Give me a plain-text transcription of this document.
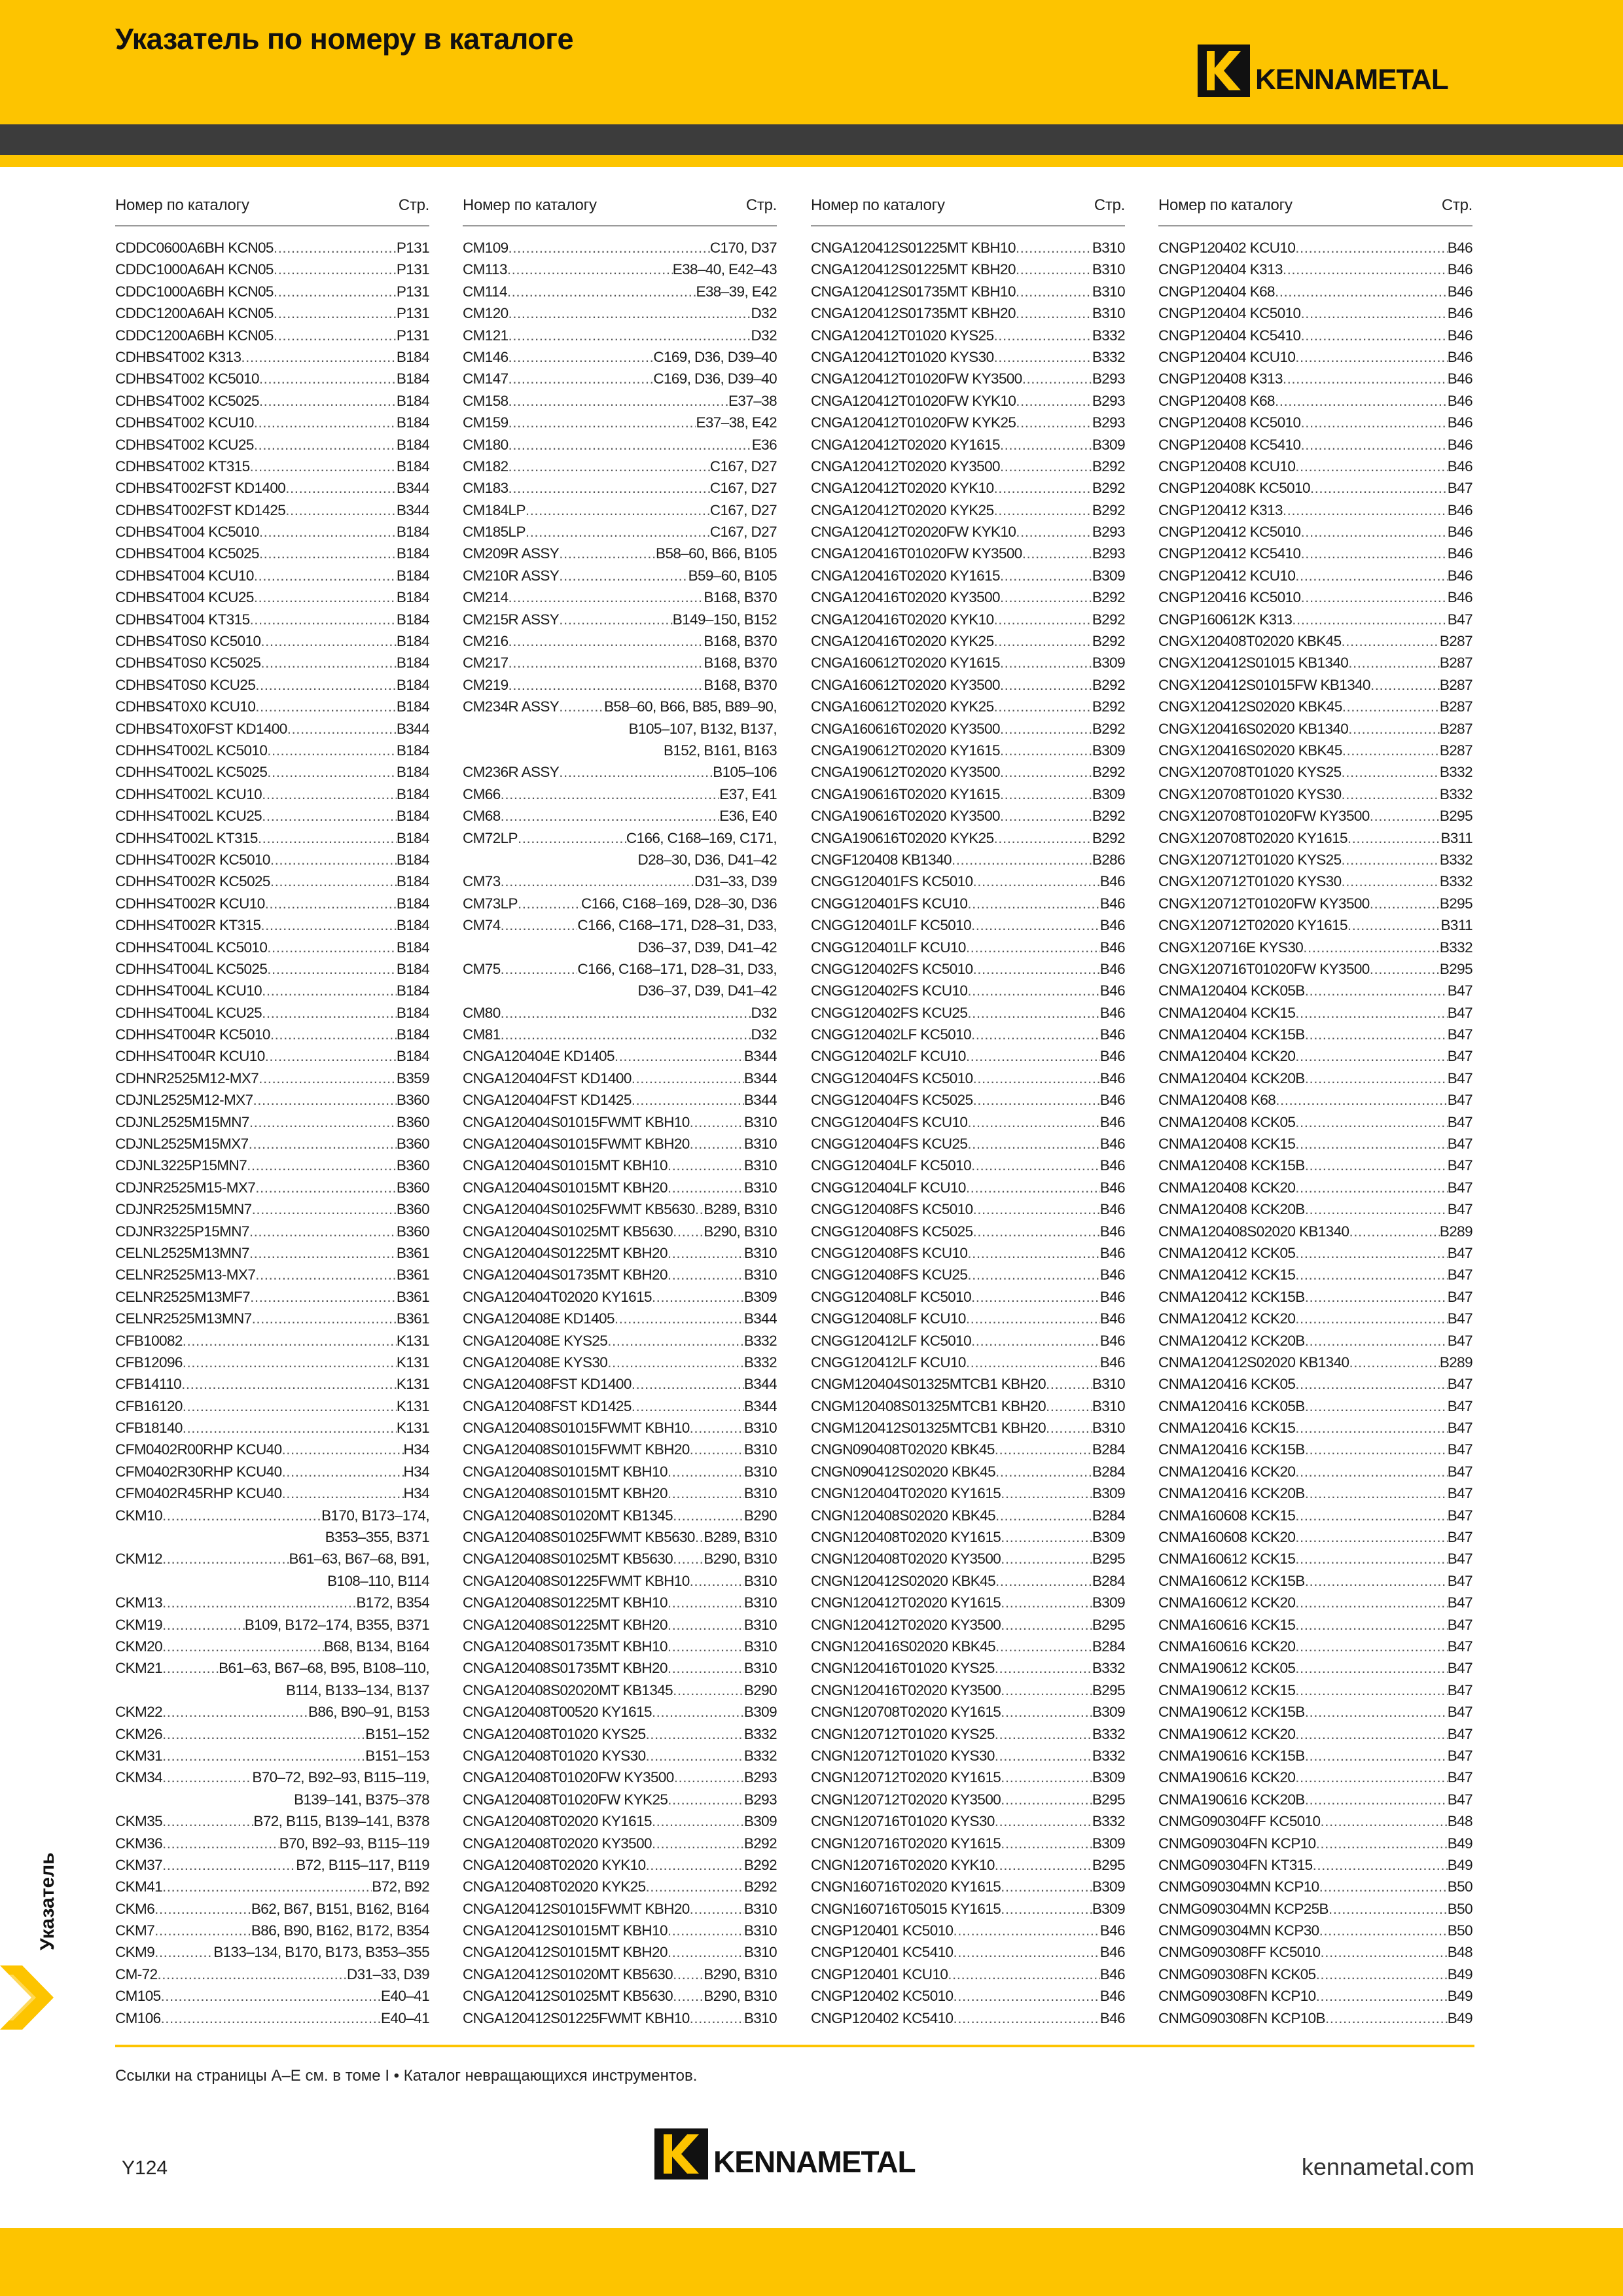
Указатель по номеру в каталоге
KENNAMETAL
Номер по каталогу	Стр.
CDDC0600A6BH KCN05 .....	P131
CDDC1000A6AH KCN05 .....	P131
CDDC1000A6BH KCN05 .....	P131
CDDC1200A6AH KCN05 .....	P131
CDDC1200A6BH KCN05 .....	P131
CDHBS4T002 K313 .....	B184
CDHBS4T002 KC5010 .....	B184
CDHBS4T002 KC5025 .....	B184
CDHBS4T002 KCU10 .....	B184
CDHBS4T002 KCU25 .....	B184
CDHBS4T002 KT315 .....	B184
CDHBS4T002FST KD1400 .....	B344
CDHBS4T002FST KD1425 .....	B344
CDHBS4T004 KC5010 .....	B184
CDHBS4T004 KC5025 .....	B184
CDHBS4T004 KCU10 .....	B184
CDHBS4T004 KCU25 .....	B184
CDHBS4T004 KT315 .....	B184
CDHBS4T0S0 KC5010 .....	B184
CDHBS4T0S0 KC5025 .....	B184
CDHBS4T0S0 KCU25 .....	B184
CDHBS4T0X0 KCU10 .....	B184
CDHBS4T0X0FST KD1400 .....	B344
CDHHS4T002L KC5010 .....	B184
CDHHS4T002L KC5025 .....	B184
CDHHS4T002L KCU10 .....	B184
CDHHS4T002L KCU25 .....	B184
CDHHS4T002L KT315 .....	B184
CDHHS4T002R KC5010 .....	B184
CDHHS4T002R KC5025 .....	B184
CDHHS4T002R KCU10 .....	B184
CDHHS4T002R KT315 .....	B184
CDHHS4T004L KC5010 .....	B184
CDHHS4T004L KC5025 .....	B184
CDHHS4T004L KCU10 .....	B184
CDHHS4T004L KCU25 .....	B184
CDHHS4T004R KC5010 .....	B184
CDHHS4T004R KCU10 .....	B184
CDHNR2525M12-MX7 .....	B359
CDJNL2525M12-MX7 .....	B360
CDJNL2525M15MN7 .....	B360
CDJNL2525M15MX7 .....	B360
CDJNL3225P15MN7 .....	B360
CDJNR2525M15-MX7 .....	B360
CDJNR2525M15MN7 .....	B360
CDJNR3225P15MN7 .....	B360
CELNL2525M13MN7 .....	B361
CELNR2525M13-MX7 .....	B361
CELNR2525M13MF7 .....	B361
CELNR2525M13MN7 .....	B361
CFB10082 .....	K131
CFB12096 .....	K131
CFB14110 .....	K131
CFB16120 .....	K131
CFB18140 .....	K131
CFM0402R00RHP KCU40 .....	H34
CFM0402R30RHP KCU40 .....	H34
CFM0402R45RHP KCU40 .....	H34
CKM10 .....	B170, B173–174,
B353–355, B371
CKM12 .....	B61–63, B67–68, B91,
B108–110, B114
CKM13 .....	B172, B354
CKM19 .....	B109, B172–174, B355, B371
CKM20 .....	B68, B134, B164
CKM21 .....	B61–63, B67–68, B95, B108–110,
B114, B133–134, B137
CKM22 .....	B86, B90–91, B153
CKM26 .....	B151–152
CKM31 .....	B151–153
CKM34 .....	B70–72, B92–93, B115–119,
B139–141, B375–378
CKM35 .....	B72, B115, B139–141, B378
CKM36 .....	B70, B92–93, B115–119
CKM37 .....	B72, B115–117, B119
CKM41 .....	B72, B92
CKM6 .....	B62, B67, B151, B162, B164
CKM7 .....	B86, B90, B162, B172, B354
CKM9 .....	B133–134, B170, B173, B353–355
CM-72 .....	D31–33, D39
CM105 .....	E40–41
CM106 .....	E40–41
Номер по каталогу	Стр.
CM109 .....	C170, D37
CM113 .....	E38–40, E42–43
CM114 .....	E38–39, E42
CM120 .....	D32
CM121 .....	D32
CM146 .....	C169, D36, D39–40
CM147 .....	C169, D36, D39–40
CM158 .....	E37–38
CM159 .....	E37–38, E42
CM180 .....	E36
CM182 .....	C167, D27
CM183 .....	C167, D27
CM184LP .....	C167, D27
CM185LP .....	C167, D27
CM209R ASSY .....	B58–60, B66, B105
CM210R ASSY .....	B59–60, B105
CM214 .....	B168, B370
CM215R ASSY .....	B149–150, B152
CM216 .....	B168, B370
CM217 .....	B168, B370
CM219 .....	B168, B370
CM234R ASSY .....	B58–60, B66, B85, B89–90,
B105–107, B132, B137,
B152, B161, B163
CM236R ASSY .....	B105–106
CM66 .....	E37, E41
CM68 .....	E36, E40
CM72LP .....	C166, C168–169, C171,
D28–30, D36, D41–42
CM73 .....	D31–33, D39
CM73LP .....	C166, C168–169, D28–30, D36
CM74 .....	C166, C168–171, D28–31, D33,
D36–37, D39, D41–42
CM75 .....	C166, C168–171, D28–31, D33,
D36–37, D39, D41–42
CM80 .....	D32
CM81 .....	D32
CNGA120404E KD1405 .....	B344
CNGA120404FST KD1400 .....	B344
CNGA120404FST KD1425 .....	B344
CNGA120404S01015FWMT KBH10 .....	B310
CNGA120404S01015FWMT KBH20 .....	B310
CNGA120404S01015MT KBH10 .....	B310
CNGA120404S01015MT KBH20 .....	B310
CNGA120404S01025FWMT KB5630 ..... B289, B310
CNGA120404S01025MT KB5630 ..... B290, B310
CNGA120404S01225MT KBH20 .....	B310
CNGA120404S01735MT KBH20 .....	B310
CNGA120404T02020 KY1615 .....	B309
CNGA120408E KD1405 .....	B344
CNGA120408E KYS25 .....	B332
CNGA120408E KYS30 .....	B332
CNGA120408FST KD1400 .....	B344
CNGA120408FST KD1425 .....	B344
CNGA120408S01015FWMT KBH10 .....	B310
CNGA120408S01015FWMT KBH20 .....	B310
CNGA120408S01015MT KBH10 .....	B310
CNGA120408S01015MT KBH20 .....	B310
CNGA120408S01020MT KB1345 .....	B290
CNGA120408S01025FWMT KB5630 ..... B289, B310
CNGA120408S01025MT KB5630 ..... B290, B310
CNGA120408S01225FWMT KBH10 .....	B310
CNGA120408S01225MT KBH10 .....	B310
CNGA120408S01225MT KBH20 .....	B310
CNGA120408S01735MT KBH10 .....	B310
CNGA120408S01735MT KBH20 .....	B310
CNGA120408S02020MT KB1345 .....	B290
CNGA120408T00520 KY1615 .....	B309
CNGA120408T01020 KYS25 .....	B332
CNGA120408T01020 KYS30 .....	B332
CNGA120408T01020FW KY3500 .....	B293
CNGA120408T01020FW KYK25 .....	B293
CNGA120408T02020 KY1615 .....	B309
CNGA120408T02020 KY3500 .....	B292
CNGA120408T02020 KYK10 .....	B292
CNGA120408T02020 KYK25 .....	B292
CNGA120412S01015FWMT KBH20 .....	B310
CNGA120412S01015MT KBH10 .....	B310
CNGA120412S01015MT KBH20 .....	B310
CNGA120412S01020MT KB5630 ..... B290, B310
CNGA120412S01025MT KB5630 ..... B290, B310
CNGA120412S01225FWMT KBH10 .....	B310
Номер по каталогу	Стр.
CNGA120412S01225MT KBH10 .....	B310
CNGA120412S01225MT KBH20 .....	B310
CNGA120412S01735MT KBH10 .....	B310
CNGA120412S01735MT KBH20 .....	B310
CNGA120412T01020 KYS25 .....	B332
CNGA120412T01020 KYS30 .....	B332
CNGA120412T01020FW KY3500 .....	B293
CNGA120412T01020FW KYK10 .....	B293
CNGA120412T01020FW KYK25 .....	B293
CNGA120412T02020 KY1615 .....	B309
CNGA120412T02020 KY3500 .....	B292
CNGA120412T02020 KYK10 .....	B292
CNGA120412T02020 KYK25 .....	B292
CNGA120412T02020FW KYK10 .....	B293
CNGA120416T01020FW KY3500 .....	B293
CNGA120416T02020 KY1615 .....	B309
CNGA120416T02020 KY3500 .....	B292
CNGA120416T02020 KYK10 .....	B292
CNGA120416T02020 KYK25 .....	B292
CNGA160612T02020 KY1615 .....	B309
CNGA160612T02020 KY3500 .....	B292
CNGA160612T02020 KYK25 .....	B292
CNGA160616T02020 KY3500 .....	B292
CNGA190612T02020 KY1615 .....	B309
CNGA190612T02020 KY3500 .....	B292
CNGA190616T02020 KY1615 .....	B309
CNGA190616T02020 KY3500 .....	B292
CNGA190616T02020 KYK25 .....	B292
CNGF120408 KB1340 .....	B286
CNGG120401FS KC5010 .....	B46
CNGG120401FS KCU10 .....	B46
CNGG120401LF KC5010 .....	B46
CNGG120401LF KCU10 .....	B46
CNGG120402FS KC5010 .....	B46
CNGG120402FS KCU10 .....	B46
CNGG120402FS KCU25 .....	B46
CNGG120402LF KC5010 .....	B46
CNGG120402LF KCU10 .....	B46
CNGG120404FS KC5010 .....	B46
CNGG120404FS KC5025 .....	B46
CNGG120404FS KCU10 .....	B46
CNGG120404FS KCU25 .....	B46
CNGG120404LF KC5010 .....	B46
CNGG120404LF KCU10 .....	B46
CNGG120408FS KC5010 .....	B46
CNGG120408FS KC5025 .....	B46
CNGG120408FS KCU10 .....	B46
CNGG120408FS KCU25 .....	B46
CNGG120408LF KC5010 .....	B46
CNGG120408LF KCU10 .....	B46
CNGG120412LF KC5010 .....	B46
CNGG120412LF KCU10 .....	B46
CNGM120404S01325MTCB1 KBH20 .....	B310
CNGM120408S01325MTCB1 KBH20 .....	B310
CNGM120412S01325MTCB1 KBH20 .....	B310
CNGN090408T02020 KBK45 .....	B284
CNGN090412S02020 KBK45 .....	B284
CNGN120404T02020 KY1615 .....	B309
CNGN120408S02020 KBK45 .....	B284
CNGN120408T02020 KY1615 .....	B309
CNGN120408T02020 KY3500 .....	B295
CNGN120412S02020 KBK45 .....	B284
CNGN120412T02020 KY1615 .....	B309
CNGN120412T02020 KY3500 .....	B295
CNGN120416S02020 KBK45 .....	B284
CNGN120416T01020 KYS25 .....	B332
CNGN120416T02020 KY3500 .....	B295
CNGN120708T02020 KY1615 .....	B309
CNGN120712T01020 KYS25 .....	B332
CNGN120712T01020 KYS30 .....	B332
CNGN120712T02020 KY1615 .....	B309
CNGN120712T02020 KY3500 .....	B295
CNGN120716T01020 KYS30 .....	B332
CNGN120716T02020 KY1615 .....	B309
CNGN120716T02020 KYK10 .....	B295
CNGN160716T02020 KY1615 .....	B309
CNGN160716T05015 KY1615 .....	B309
CNGP120401 KC5010 .....	B46
CNGP120401 KC5410 .....	B46
CNGP120401 KCU10 .....	B46
CNGP120402 KC5010 .....	B46
CNGP120402 KC5410 .....	B46
Номер по каталогу	Стр.
CNGP120402 KCU10 .....	B46
CNGP120404 K313 .....	B46
CNGP120404 K68 .....	B46
CNGP120404 KC5010 .....	B46
CNGP120404 KC5410 .....	B46
CNGP120404 KCU10 .....	B46
CNGP120408 K313 .....	B46
CNGP120408 K68 .....	B46
CNGP120408 KC5010 .....	B46
CNGP120408 KC5410 .....	B46
CNGP120408 KCU10 .....	B46
CNGP120408K KC5010 .....	B47
CNGP120412 K313 .....	B46
CNGP120412 KC5010 .....	B46
CNGP120412 KC5410 .....	B46
CNGP120412 KCU10 .....	B46
CNGP120416 KC5010 .....	B46
CNGP160612K K313 .....	B47
CNGX120408T02020 KBK45 .....	B287
CNGX120412S01015 KB1340 .....	B287
CNGX120412S01015FW KB1340 .....	B287
CNGX120412S02020 KBK45 .....	B287
CNGX120416S02020 KB1340 .....	B287
CNGX120416S02020 KBK45 .....	B287
CNGX120708T01020 KYS25 .....	B332
CNGX120708T01020 KYS30 .....	B332
CNGX120708T01020FW KY3500 .....	B295
CNGX120708T02020 KY1615 .....	B311
CNGX120712T01020 KYS25 .....	B332
CNGX120712T01020 KYS30 .....	B332
CNGX120712T01020FW KY3500 .....	B295
CNGX120712T02020 KY1615 .....	B311
CNGX120716E KYS30 .....	B332
CNGX120716T01020FW KY3500 .....	B295
CNMA120404 KCK05B .....	B47
CNMA120404 KCK15 .....	B47
CNMA120404 KCK15B .....	B47
CNMA120404 KCK20 .....	B47
CNMA120404 KCK20B .....	B47
CNMA120408 K68 .....	B47
CNMA120408 KCK05 .....	B47
CNMA120408 KCK15 .....	B47
CNMA120408 KCK15B .....	B47
CNMA120408 KCK20 .....	B47
CNMA120408 KCK20B .....	B47
CNMA120408S02020 KB1340 .....	B289
CNMA120412 KCK05 .....	B47
CNMA120412 KCK15 .....	B47
CNMA120412 KCK15B .....	B47
CNMA120412 KCK20 .....	B47
CNMA120412 KCK20B .....	B47
CNMA120412S02020 KB1340 .....	B289
CNMA120416 KCK05 .....	B47
CNMA120416 KCK05B .....	B47
CNMA120416 KCK15 .....	B47
CNMA120416 KCK15B .....	B47
CNMA120416 KCK20 .....	B47
CNMA120416 KCK20B .....	B47
CNMA160608 KCK15 .....	B47
CNMA160608 KCK20 .....	B47
CNMA160612 KCK15 .....	B47
CNMA160612 KCK15B .....	B47
CNMA160612 KCK20 .....	B47
CNMA160616 KCK15 .....	B47
CNMA160616 KCK20 .....	B47
CNMA190612 KCK05 .....	B47
CNMA190612 KCK15 .....	B47
CNMA190612 KCK15B .....	B47
CNMA190612 KCK20 .....	B47
CNMA190616 KCK15B .....	B47
CNMA190616 KCK20 .....	B47
CNMA190616 KCK20B .....	B47
CNMG090304FF KC5010 .....	B48
CNMG090304FN KCP10 .....	B49
CNMG090304FN KT315 .....	B49
CNMG090304MN KCP10 .....	B50
CNMG090304MN KCP25B .....	B50
CNMG090304MN KCP30 .....	B50
CNMG090308FF KC5010 .....	B48
CNMG090308FN KCK05 .....	B49
CNMG090308FN KCP10 .....	B49
CNMG090308FN KCP10B .....	B49
Указатель
Ссылки на страницы A–E см. в томе I • Каталог невращающихся инструментов.
Y124	KENNAMETAL	kennametal.com
